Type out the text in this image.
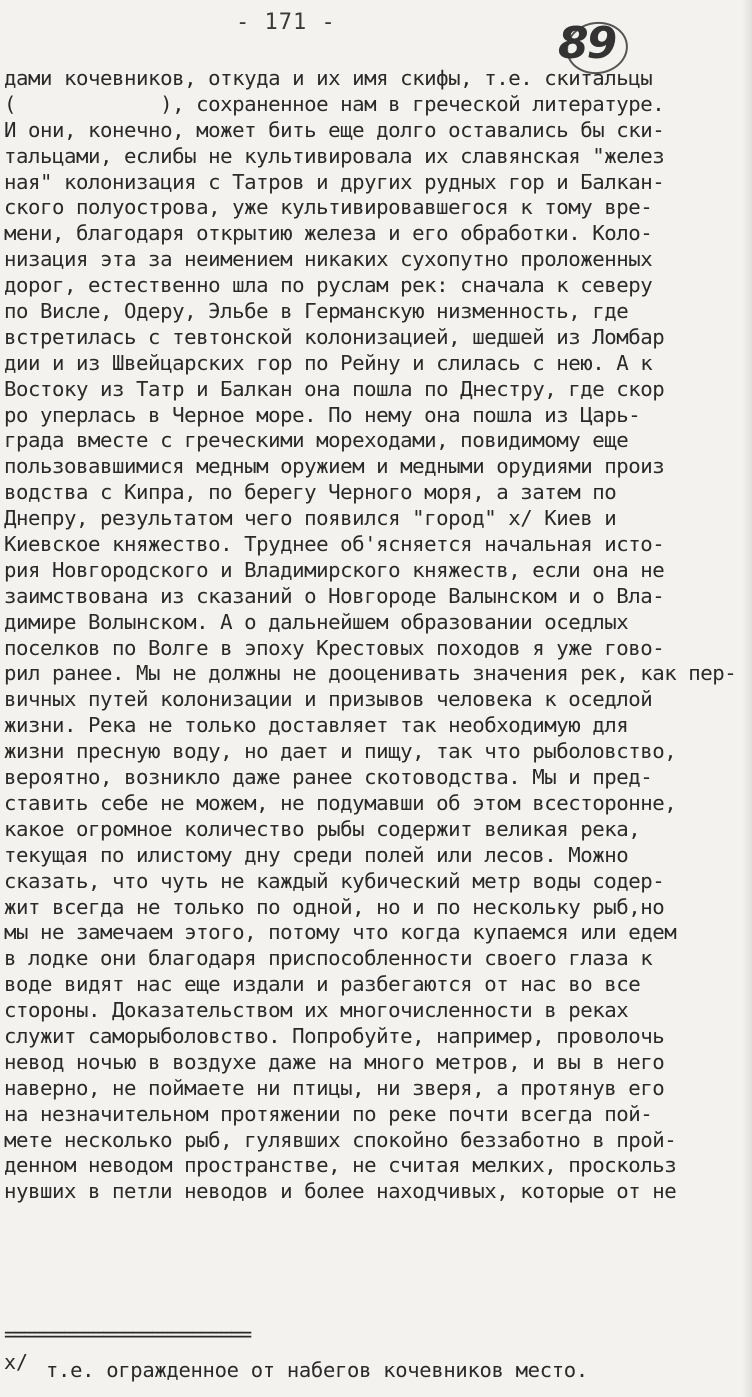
- 171 -	89
дами кочевников, откуда и их имя скифы, т.е. скитальцы
(            ), сохраненное нам в греческой литературе.
И они, конечно, может бить еще долго оставались бы ски-
тальцами, еслибы не культивировала их славянская "желез
ная" колонизация с Татров и других рудных гор и Балкан-
ского полуострова, уже культивировавшегося к тому вре-
мени, благодаря открытию железа и его обработки. Коло-
низация эта за неимением никаких сухопутно проложенных
дорог, естественно шла по руслам рек: сначала к северу
по Висле, Одеру, Эльбе в Германскую низменность, где
встретилась с тевтонской колонизацией, шедшей из Ломбар
дии и из Швейцарских гор по Рейну и слилась с нею. А к
Востоку из Татр и Балкан она пошла по Днестру, где скор
ро уперлась в Черное море. По нему она пошла из Царь-
града вместе с греческими мореходами, повидимому еще
пользовавшимися медным оружием и медными орудиями произ
водства с Кипра, по берегу Черного моря, а затем по
Днепру, результатом чего появился "город" x/ Киев и
Киевское княжество. Труднее об'ясняется начальная исто-
рия Новгородского и Владимирского княжеств, если она не
заимствована из сказаний о Новгороде Валынском и о Вла-
димире Волынском. А о дальнейшем образовании оседлых
поселков по Волге в эпоху Крестовых походов я уже гово-
рил ранее. Мы не должны не дооценивать значения рек, как пер-
вичных путей колонизации и призывов человека к оседлой
жизни. Река не только доставляет так необходимую для
жизни пресную воду, но дает и пищу, так что рыболовство,
вероятно, возникло даже ранее скотоводства. Мы и пред-
ставить себе не можем, не подумавши об этом всесторонне,
какое огромное количество рыбы содержит великая река,
текущая по илистому дну среди полей или лесов. Можно
сказать, что чуть не каждый кубический метр воды содер-
жит всегда не только по одной, но и по нескольку рыб,но
мы не замечаем этого, потому что когда купаемся или едем
в лодке они благодаря приспособленности своего глаза к
воде видят нас еще издали и разбегаются от нас во все
стороны. Доказательством их многочисленности в реках
служит саморыболовство. Попробуйте, например, проволочь
невод ночью в воздухе даже на много метров, и вы в него
наверно, не поймаете ни птицы, ни зверя, а протянув его
на незначительном протяжении по реке почти всегда пой-
мете несколько рыб, гулявших спокойно беззаботно в прой-
денном неводом пространстве, не считая мелких, проскольз
нувших в петли неводов и более находчивых, которые от не
=========================
x/ т.е. огражденное от набегов кочевников место.
